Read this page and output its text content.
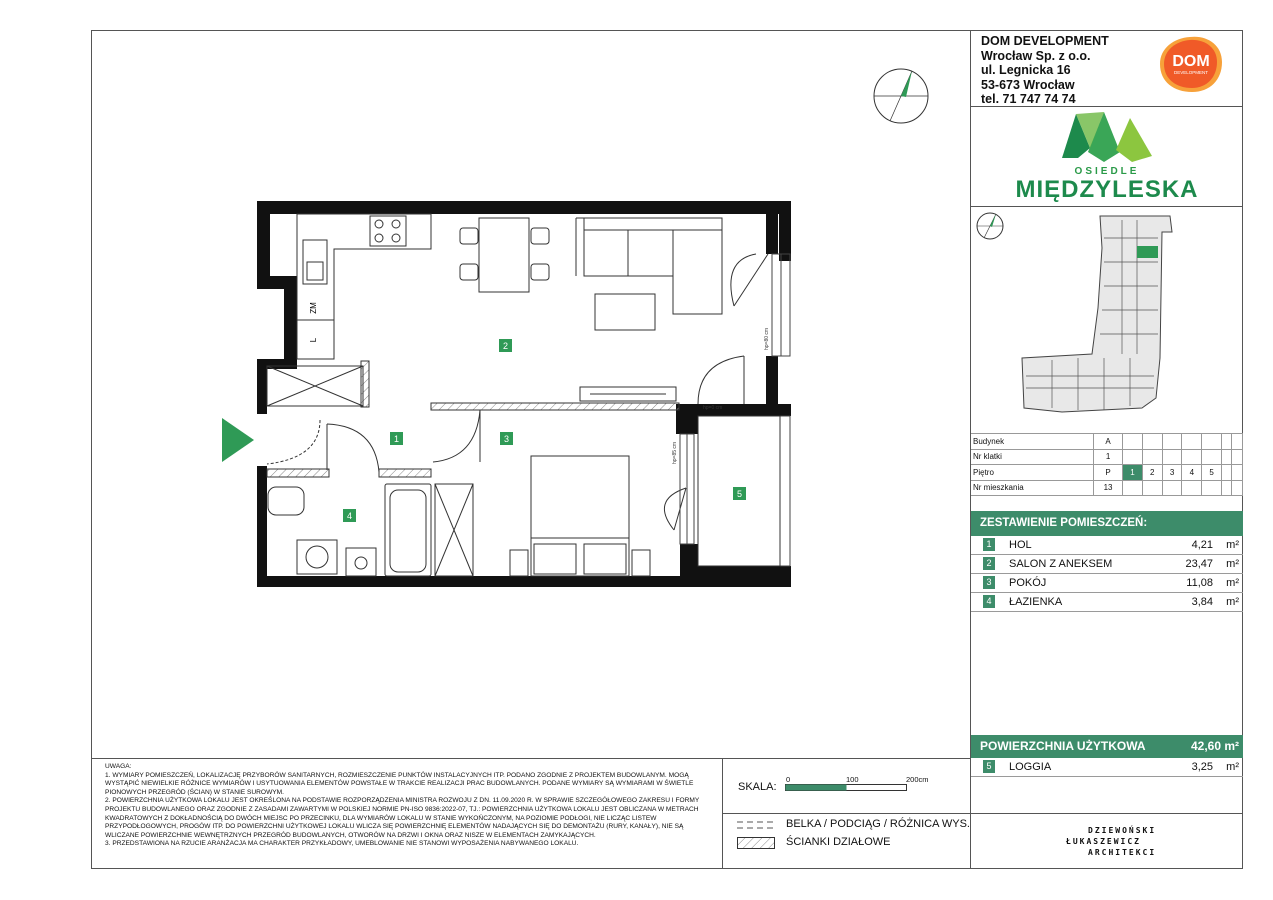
DOM DEVELOPMENT
Wrocław Sp. z o.o.
ul. Legnicka 16
53-673 Wrocław
tel. 71 747 74 74
DOM
DEVELOPMENT
OSIEDLE
MIĘDZYLESKA
ZM
L
1
2
3
4
5
hp=80 cm
hp=0 cm
hp=85 cm
Budynek	A							
Nr klatki	1							
Piętro	P	1	2	3	4	5		
Nr mieszkania	13							
ZESTAWIENIE POMIESZCZEŃ:
1	HOL	4,21 m²
2	SALON Z ANEKSEM	23,47 m²
3	POKÓJ	11,08 m²
4	ŁAZIENKA	3,84 m²
POWIERZCHNIA UŻYTKOWA	42,60 m²
5	LOGGIA	3,25 m²

UWAGA:

1. WYMIARY POMIESZCZEŃ, LOKALIZACJĘ PRZYBORÓW SANITARNYCH, ROZMIESZCZENIE PUNKTÓW INSTALACYJNYCH ITP. PODANO ZGODNIE Z PROJEKTEM BUDOWLANYM. MOGĄ WYSTĄPIĆ NIEWIELKIE RÓŻNICE WYMIARÓW I USYTUOWANIA ELEMENTÓW POWSTAŁE W TRAKCIE REALIZACJI PRAC BUDOWLANYCH. PODANE WYMIARY SĄ WYMIARAMI W ŚWIETLE PIONOWYCH PRZEGRÓD (ŚCIAN) W STANIE SUROWYM.

2. POWIERZCHNIA UŻYTKOWA LOKALU JEST OKREŚLONA NA PODSTAWIE ROZPORZĄDZENIA MINISTRA ROZWOJU Z DN. 11.09.2020 R. W SPRAWIE SZCZEGÓŁOWEGO ZAKRESU I FORMY PROJEKTU BUDOWLANEGO ORAZ ZGODNIE Z ZASADAMI ZAWARTYMI W POLSKIEJ NORMIE PN-ISO 9836:2022-07, TJ.: POWIERZCHNIA UŻYTKOWA LOKALU JEST OBLICZANA W METRACH KWADRATOWYCH Z DOKŁADNOŚCIĄ DO DWÓCH MIEJSC PO PRZECINKU, DLA WYMIARÓW LOKALU W STANIE WYKOŃCZONYM, NA POZIOMIE PODŁOGI, NIE LICZĄC LISTEW PRZYPODŁOGOWYCH, PROGÓW ITP. DO POWIERZCHNI UŻYTKOWEJ LOKALU WLICZA SIĘ POWIERZCHNIĘ ELEMENTÓW NADAJĄCYCH SIĘ DO DEMONTAŻU (RURY, KANAŁY), NIE SĄ WLICZANE POWIERZCHNIE WEWNĘTRZNYCH PRZEGRÓD BUDOWLANYCH, OTWORÓW NA DRZWI I OKNA ORAZ NISZE W ELEMENTACH ZAMYKAJĄCYCH.

3. PRZEDSTAWIONA NA RZUCIE ARANŻACJA MA CHARAKTER PRZYKŁADOWY, UMEBLOWANIE NIE STANOWI WYPOSAŻENIA NABYWANEGO LOKALU.

SKALA:
0	100	200cm
BELKA / PODCIĄG / RÓŻNICA WYS.
ŚCIANKI DZIAŁOWE
DZIEWOŃSKI
ŁUKASZEWICZ
ARCHITEKCI
